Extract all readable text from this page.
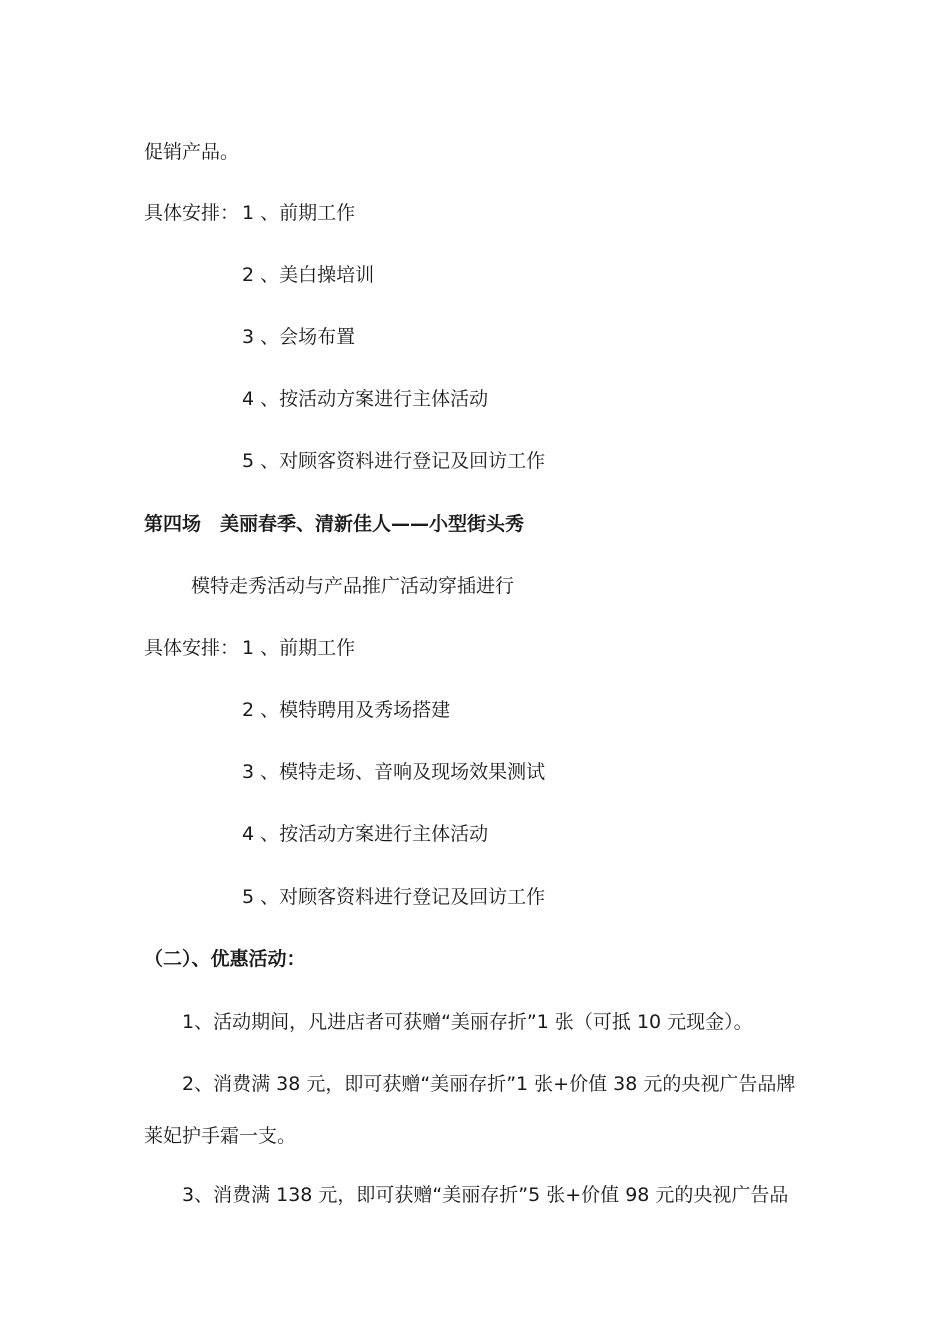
促销产品。
具体安排： 1 、前期工作
2 、美白操培训
3 、会场布置
4 、按活动方案进行主体活动
5 、对顾客资料进行登记及回访工作
第四场　美丽春季、清新佳人——小型街头秀
模特走秀活动与产品推广活动穿插进行
具体安排： 1 、前期工作
2 、模特聘用及秀场搭建
3 、模特走场、音响及现场效果测试
4 、按活动方案进行主体活动
5 、对顾客资料进行登记及回访工作
（二）、优惠活动：
1、活动期间，凡进店者可获赠“美丽存折”1 张（可抵 10 元现金）。
2、消费满 38 元，即可获赠“美丽存折”1 张+价值 38 元的央视广告品牌
莱妃护手霜一支。
3、消费满 138 元，即可获赠“美丽存折”5 张+价值 98 元的央视广告品
